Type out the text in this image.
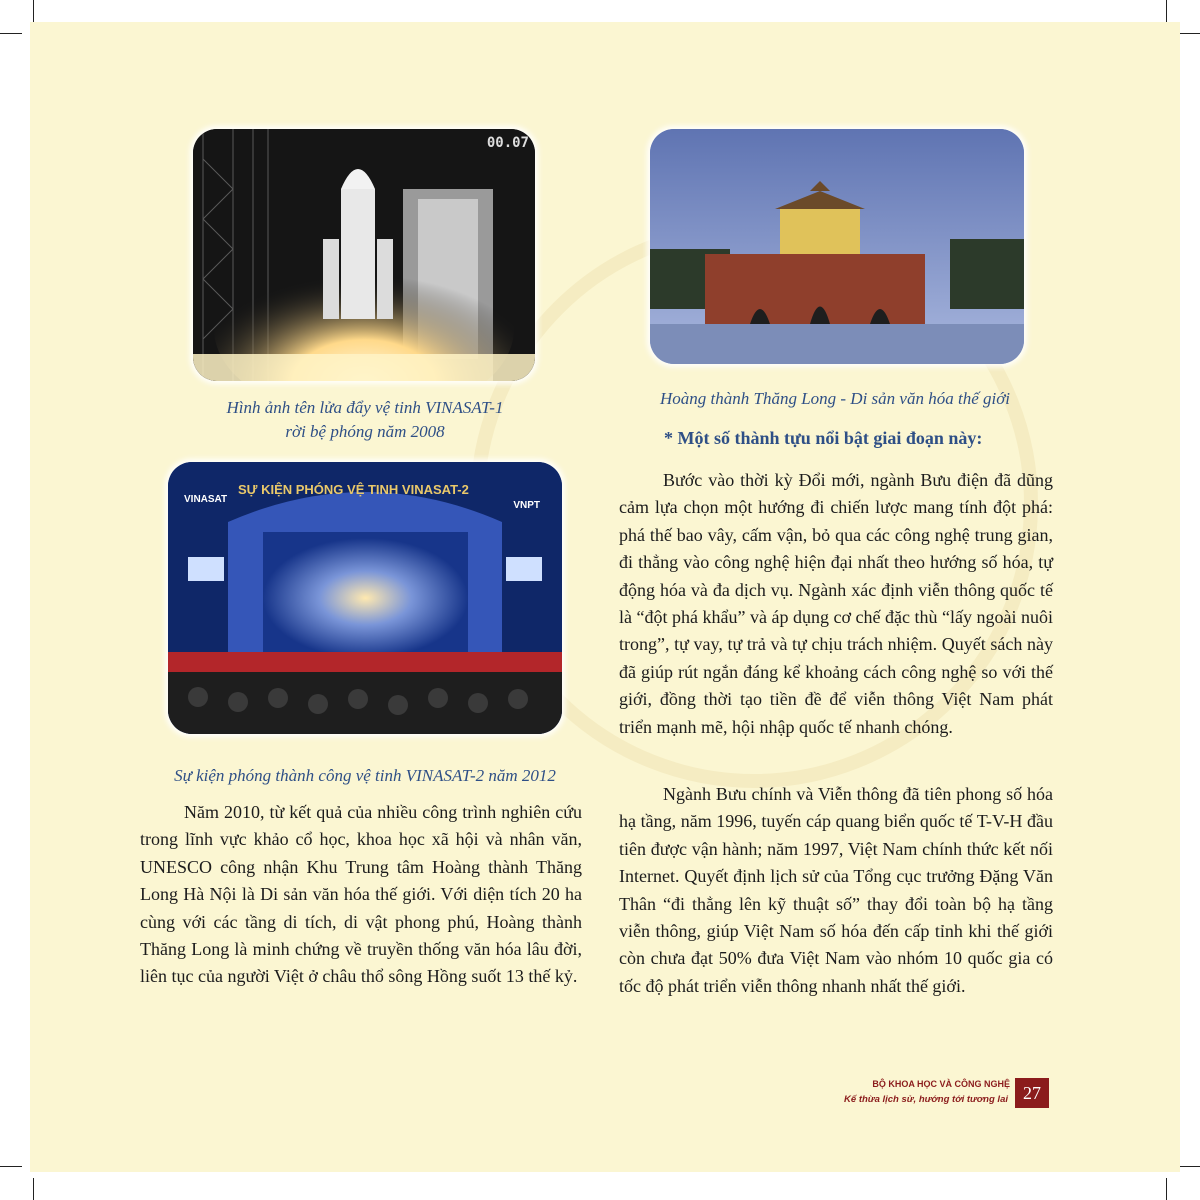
00.07
Hình ảnh tên lửa đẩy vệ tinh VINASAT-1
rời bệ phóng năm 2008
SỰ KIỆN PHÓNG VỆ TINH VINASAT-2
VINASAT
VNPT
Sự kiện phóng thành công vệ tinh VINASAT-2 năm 2012
Hoàng thành Thăng Long - Di sản văn hóa thế giới
* Một số thành tựu nổi bật giai đoạn này:

Năm 2010, từ kết quả của nhiều công trình nghiên cứu trong lĩnh vực khảo cổ học, khoa học xã hội và nhân văn, UNESCO công nhận Khu Trung tâm Hoàng thành Thăng Long Hà Nội là Di sản văn hóa thế giới. Với diện tích 20 ha cùng với các tầng di tích, di vật phong phú, Hoàng thành Thăng Long là minh chứng về truyền thống văn hóa lâu đời, liên tục của người Việt ở châu thổ sông Hồng suốt 13 thế kỷ.

Bước vào thời kỳ Đổi mới, ngành Bưu điện đã dũng cảm lựa chọn một hướng đi chiến lược mang tính đột phá: phá thế bao vây, cấm vận, bỏ qua các công nghệ trung gian, đi thẳng vào công nghệ hiện đại nhất theo hướng số hóa, tự động hóa và đa dịch vụ. Ngành xác định viễn thông quốc tế là “đột phá khẩu” và áp dụng cơ chế đặc thù “lấy ngoài nuôi trong”, tự vay, tự trả và tự chịu trách nhiệm. Quyết sách này đã giúp rút ngắn đáng kể khoảng cách công nghệ so với thế giới, đồng thời tạo tiền đề để viễn thông Việt Nam phát triển mạnh mẽ, hội nhập quốc tế nhanh chóng.

Ngành Bưu chính và Viễn thông đã tiên phong số hóa hạ tầng, năm 1996, tuyến cáp quang biển quốc tế T-V-H đầu tiên được vận hành; năm 1997, Việt Nam chính thức kết nối Internet. Quyết định lịch sử của Tổng cục trưởng Đặng Văn Thân “đi thẳng lên kỹ thuật số” thay đổi toàn bộ hạ tầng viễn thông, giúp Việt Nam số hóa đến cấp tỉnh khi thế giới còn chưa đạt 50% đưa Việt Nam vào nhóm 10 quốc gia có tốc độ phát triển viễn thông nhanh nhất thế giới.

BỘ KHOA HỌC VÀ CÔNG NGHỆ
Kế thừa lịch sử, hướng tới tương lai 27
